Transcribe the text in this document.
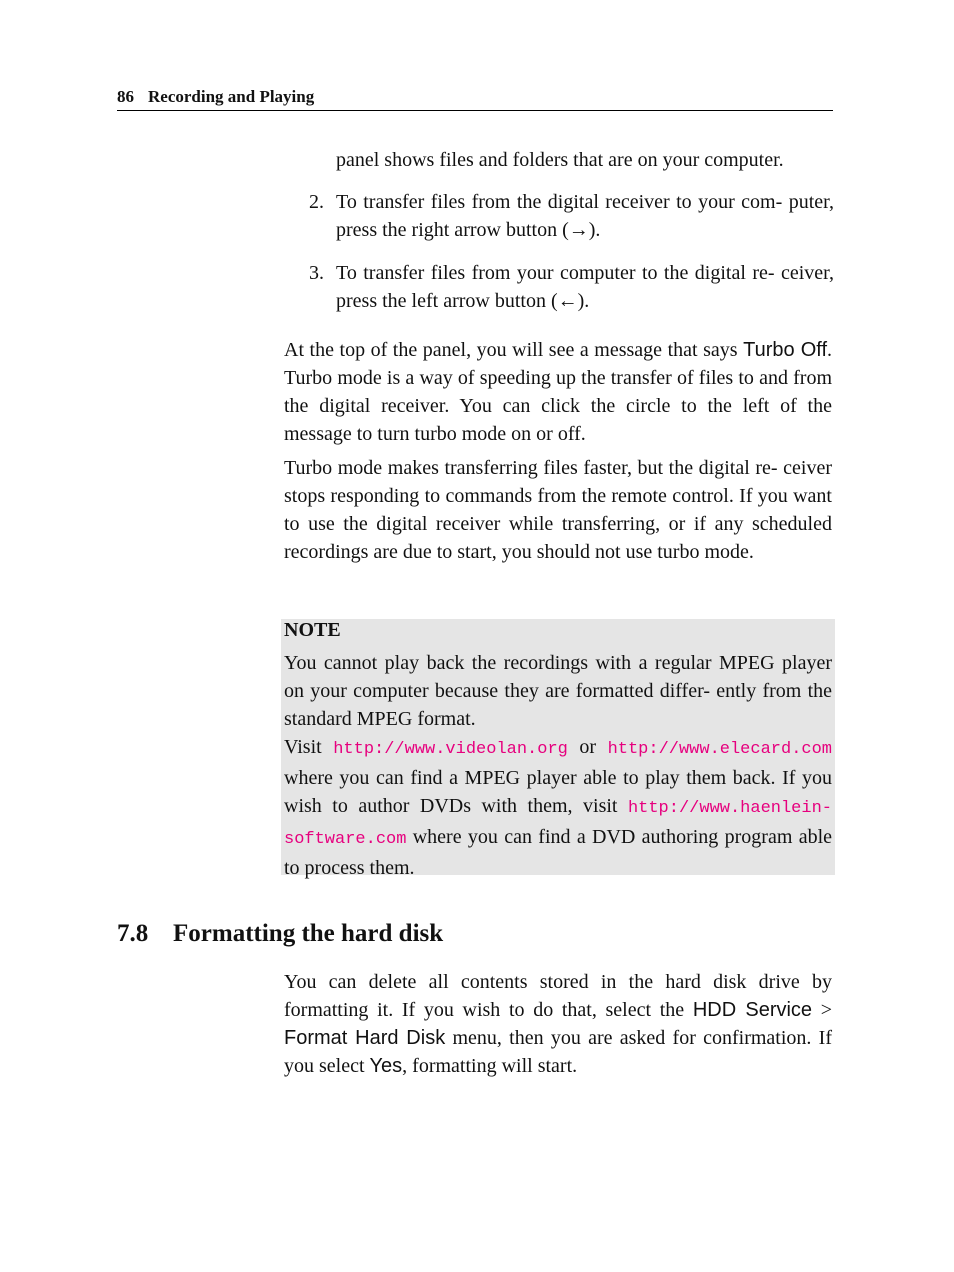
86 Recording and Playing
panel shows files and folders that are on your computer.
2. To transfer files from the digital receiver to your com- puter, press the right arrow button (→).
3. To transfer files from your computer to the digital re- ceiver, press the left arrow button (←).
At the top of the panel, you will see a message that says Turbo Off. Turbo mode is a way of speeding up the transfer of files to and from the digital receiver. You can click the circle to the left of the message to turn turbo mode on or off.
Turbo mode makes transferring files faster, but the digital re- ceiver stops responding to commands from the remote control. If you want to use the digital receiver while transferring, or if any scheduled recordings are due to start, you should not use turbo mode.
NOTE
You cannot play back the recordings with a regular MPEG player on your computer because they are formatted differ- ently from the standard MPEG format.
Visit http://www.videolan.org or http://www.elecard.com where you can find a MPEG player able to play them back. If you wish to author DVDs with them, visit http://www.haenlein-software.com where you can find a DVD authoring program able to process them.
7.8 Formatting the hard disk
You can delete all contents stored in the hard disk drive by formatting it. If you wish to do that, select the HDD Service > Format Hard Disk menu, then you are asked for confirmation. If you select Yes, formatting will start.
